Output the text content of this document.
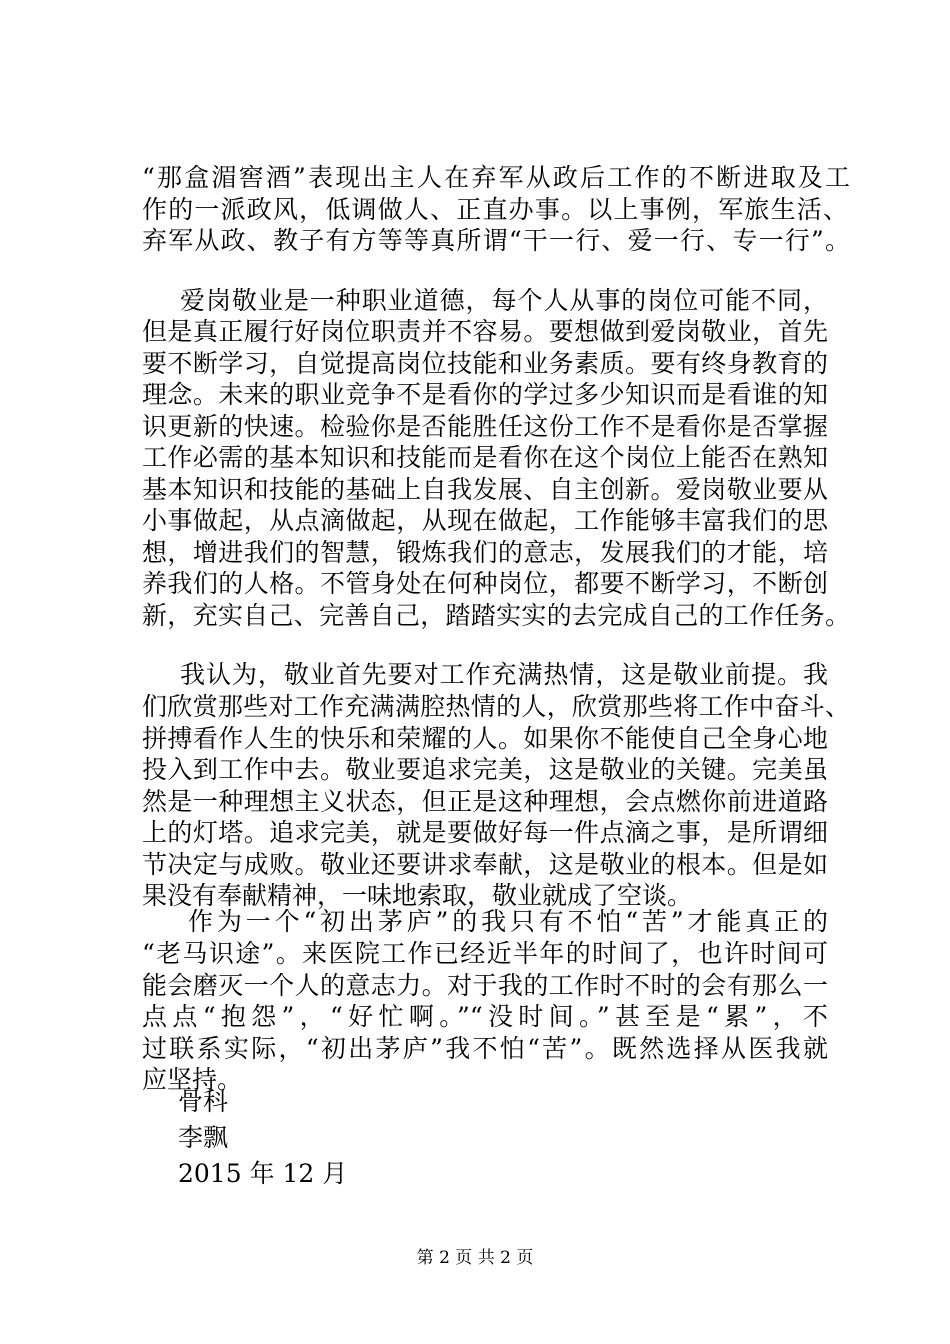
“那盒湄窖酒”表现出主人在弃军从政后工作的不断进取及工
作的一派政风，低调做人、正直办事。以上事例，军旅生活、
弃军从政、教子有方等等真所谓“干一行、爱一行、专一行”。
爱岗敬业是一种职业道德，每个人从事的岗位可能不同，
但是真正履行好岗位职责并不容易。要想做到爱岗敬业，首先
要不断学习，自觉提高岗位技能和业务素质。要有终身教育的
理念。未来的职业竞争不是看你的学过多少知识而是看谁的知
识更新的快速。检验你是否能胜任这份工作不是看你是否掌握
工作必需的基本知识和技能而是看你在这个岗位上能否在熟知
基本知识和技能的基础上自我发展、自主创新。爱岗敬业要从
小事做起，从点滴做起，从现在做起，工作能够丰富我们的思
想，增进我们的智慧，锻炼我们的意志，发展我们的才能，培
养我们的人格。不管身处在何种岗位，都要不断学习，不断创
新，充实自己、完善自己，踏踏实实的去完成自己的工作任务。
我认为，敬业首先要对工作充满热情，这是敬业前提。我
们欣赏那些对工作充满满腔热情的人，欣赏那些将工作中奋斗、
拼搏看作人生的快乐和荣耀的人。如果你不能使自己全身心地
投入到工作中去。敬业要追求完美，这是敬业的关键。完美虽
然是一种理想主义状态，但正是这种理想，会点燃你前进道路
上的灯塔。追求完美，就是要做好每一件点滴之事，是所谓细
节决定与成败。敬业还要讲求奉献，这是敬业的根本。但是如
果没有奉献精神，一味地索取，敬业就成了空谈。
作为一个“初出茅庐”的我只有不怕“苦”才能真正的
“老马识途”。来医院工作已经近半年的时间了，也许时间可
能会磨灭一个人的意志力。对于我的工作时不时的会有那么一
点点“抱怨”，“好忙啊。”“没时间。”甚至是“累”，不
过联系实际，“初出茅庐”我不怕“苦”。既然选择从医我就
应坚持。
骨科
李飘
2015 年 12 月
第 2 页 共 2 页
